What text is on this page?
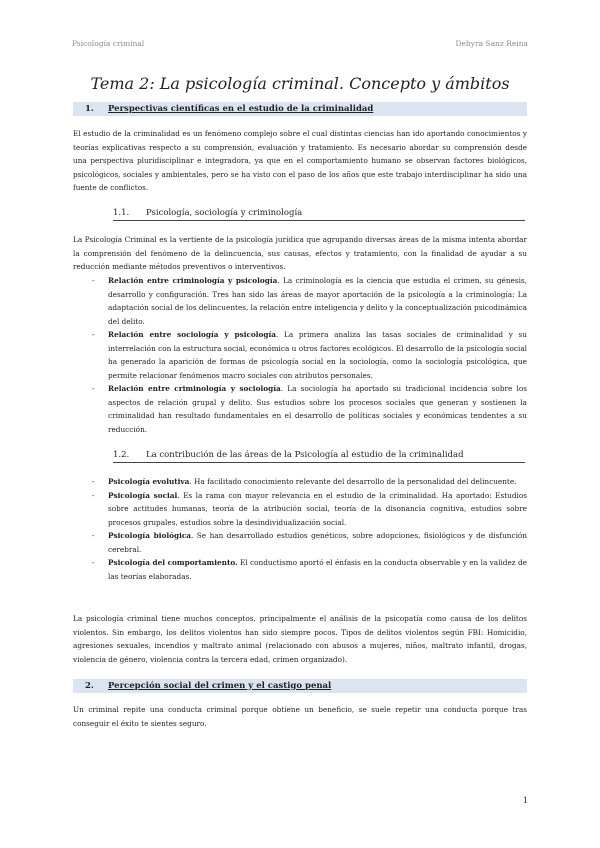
Psicología criminal	Dehyra Sanz Reina
Tema 2: La psicología criminal. Concepto y ámbitos
1. Perspectivas científicas en el estudio de la criminalidad

El estudio de la criminalidad es un fenómeno complejo sobre el cual distintas ciencias han ido aportando conocimientos y teorías explicativas respecto a su comprensión, evaluación y tratamiento. Es necesario abordar su comprensión desde una perspectiva pluridisciplinar e integradora, ya que en el comportamiento humano se observan factores biológicos, psicológicos, sociales y ambientales, pero se ha visto con el paso de los años que este trabajo interdisciplinar ha sido una fuente de conflictos.

1.1. Psicología, sociología y criminología

La Psicología Criminal es la vertiente de la psicología jurídica que agrupando diversas áreas de la misma intenta abordar la comprensión del fenómeno de la delincuencia, sus causas, efectos y tratamiento, con la finalidad de ayudar a su reducción mediante métodos preventivos o interventivos.

- Relación entre criminología y psicología. La criminología es la ciencia que estudia el crimen, su génesis, desarrollo y configuración. Tres han sido las áreas de mayor aportación de la psicología a la criminología: La adaptación social de los delincuentes, la relación entre inteligencia y delito y la conceptualización psicodinámica del delito.
- Relación entre sociología y psicología. La primera analiza las tasas sociales de criminalidad y su interrelación con la estructura social, económica u otros factores ecológicos. El desarrollo de la psicología social ha generado la aparición de formas de psicología social en la sociología, como la sociología psicológica, que permite relacionar fenómenos macro sociales con atributos personales.
- Relación entre criminología y sociología. La sociología ha aportado su tradicional incidencia sobre los aspectos de relación grupal y delito. Sus estudios sobre los procesos sociales que generan y sostienen la criminalidad han resultado fundamentales en el desarrollo de políticas sociales y económicas tendentes a su reducción.
1.2. La contribución de las áreas de la Psicología al estudio de la criminalidad
- Psicología evolutiva. Ha facilitado conocimiento relevante del desarrollo de la personalidad del delincuente.
- Psicología social. Es la rama con mayor relevancia en el estudio de la criminalidad. Ha aportado: Estudios sobre actitudes humanas, teoría de la atribución social, teoría de la disonancia cognitiva, estudios sobre procesos grupales, estudios sobre la desindividualización social.
- Psicología biológica. Se han desarrollado estudios genéticos, sobre adopciones, fisiológicos y de disfunción cerebral.
- Psicología del comportamiento. El conductismo aportó el énfasis en la conducta observable y en la validez de las teorías elaboradas.

La psicología criminal tiene muchos conceptos, principalmente el análisis de la psicopatía como causa de los delitos violentos. Sin embargo, los delitos violentos han sido siempre pocos. Tipos de delitos violentos según FBI: Homicidio, agresiones sexuales, incendios y maltrato animal (relacionado con abusos a mujeres, niños, maltrato infantil, drogas, violencia de género, violencia contra la tercera edad, crimen organizado).

2. Percepción social del crimen y el castigo penal

Un criminal repite una conducta criminal porque obtiene un beneficio, se suele repetir una conducta porque tras conseguir el éxito te sientes seguro.

1
